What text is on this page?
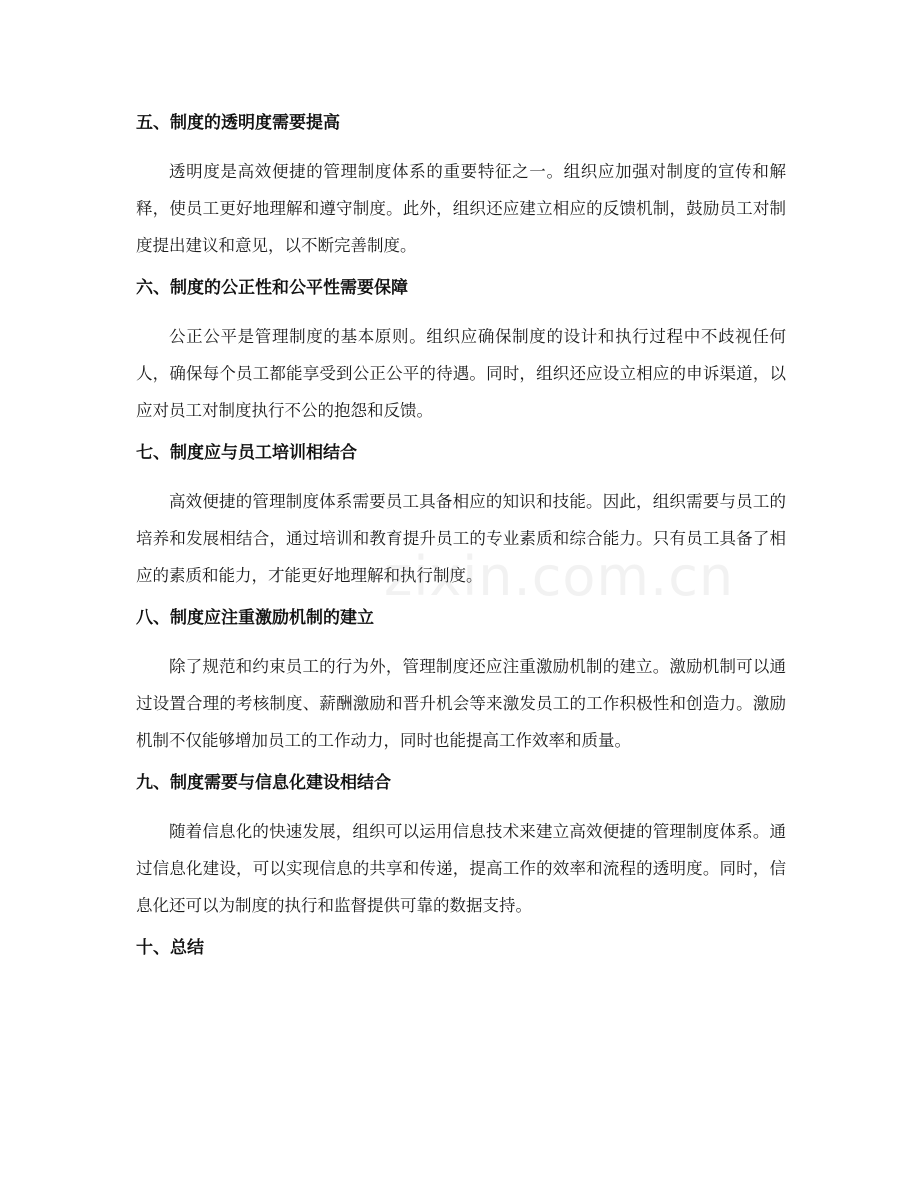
五、制度的透明度需要提高

透明度是高效便捷的管理制度体系的重要特征之一。组织应加强对制度的宣传和解释，使员工更好地理解和遵守制度。此外，组织还应建立相应的反馈机制，鼓励员工对制度提出建议和意见，以不断完善制度。

六、制度的公正性和公平性需要保障

公正公平是管理制度的基本原则。组织应确保制度的设计和执行过程中不歧视任何人，确保每个员工都能享受到公正公平的待遇。同时，组织还应设立相应的申诉渠道，以应对员工对制度执行不公的抱怨和反馈。

七、制度应与员工培训相结合

高效便捷的管理制度体系需要员工具备相应的知识和技能。因此，组织需要与员工的培养和发展相结合，通过培训和教育提升员工的专业素质和综合能力。只有员工具备了相应的素质和能力，才能更好地理解和执行制度。

八、制度应注重激励机制的建立

除了规范和约束员工的行为外，管理制度还应注重激励机制的建立。激励机制可以通过设置合理的考核制度、薪酬激励和晋升机会等来激发员工的工作积极性和创造力。激励机制不仅能够增加员工的工作动力，同时也能提高工作效率和质量。

九、制度需要与信息化建设相结合

随着信息化的快速发展，组织可以运用信息技术来建立高效便捷的管理制度体系。通过信息化建设，可以实现信息的共享和传递，提高工作的效率和流程的透明度。同时，信息化还可以为制度的执行和监督提供可靠的数据支持。

十、总结
zixin.com.cn
